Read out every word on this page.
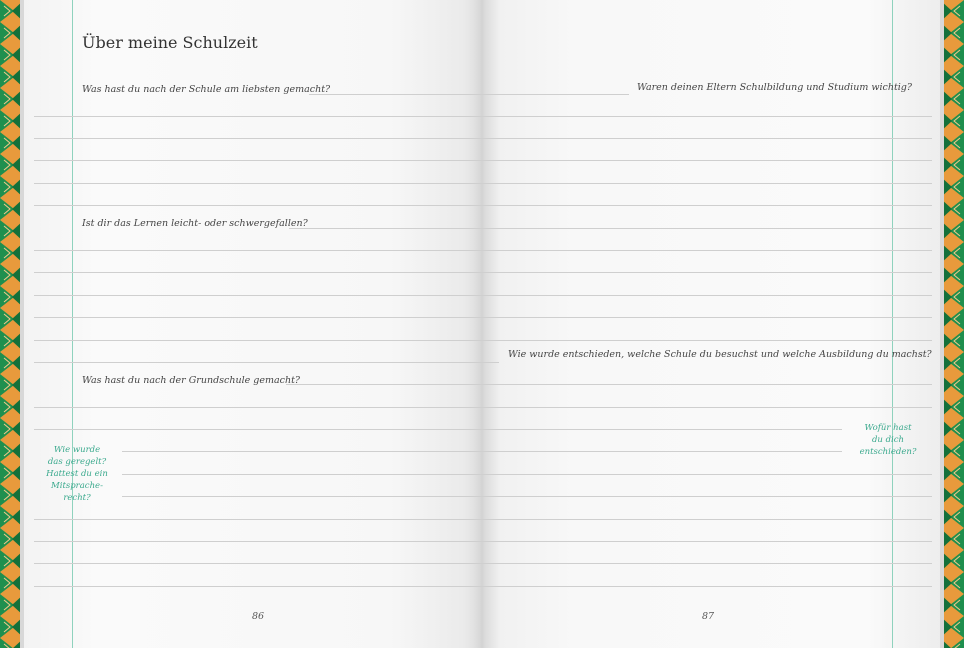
Über meine Schulzeit
Was hast du nach der Schule am liebsten gemacht?	Waren deinen Eltern Schulbildung und Studium wichtig?
Ist dir das Lernen leicht- oder schwergefallen?
Wie wurde entschieden, welche Schule du besuchst und welche Ausbildung du machst?
Was hast du nach der Grundschule gemacht?
Wie wurde
das geregelt?
Hattest du ein
Mitsprache-
recht?
Wofür hast
du dich
entschieden?
86	87
